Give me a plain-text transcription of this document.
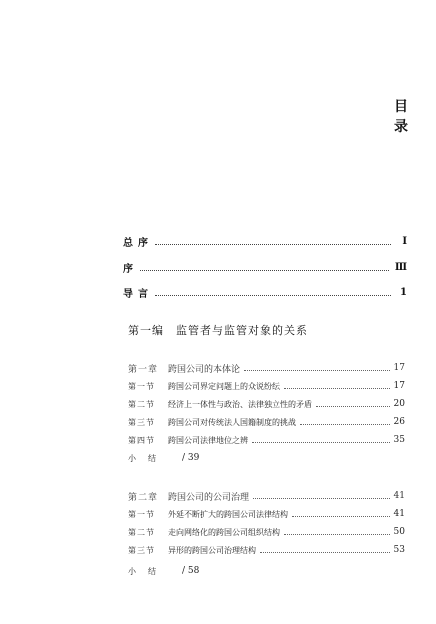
目
录
总序	Ⅰ
序	Ⅲ
导言	1
第一编　监管者与监管对象的关系
第一章	跨国公司的本体论	17
第一节	跨国公司界定问题上的众说纷纭	17
第二节	经济上一体性与政治、法律独立性的矛盾	20
第三节	跨国公司对传统法人国籍制度的挑战	26
第四节	跨国公司法律地位之辨	35
小结 / 39
第二章	跨国公司的公司治理	41
第一节	外延不断扩大的跨国公司法律结构	41
第二节	走向网络化的跨国公司组织结构	50
第三节	异形的跨国公司治理结构	53
小结 / 58
